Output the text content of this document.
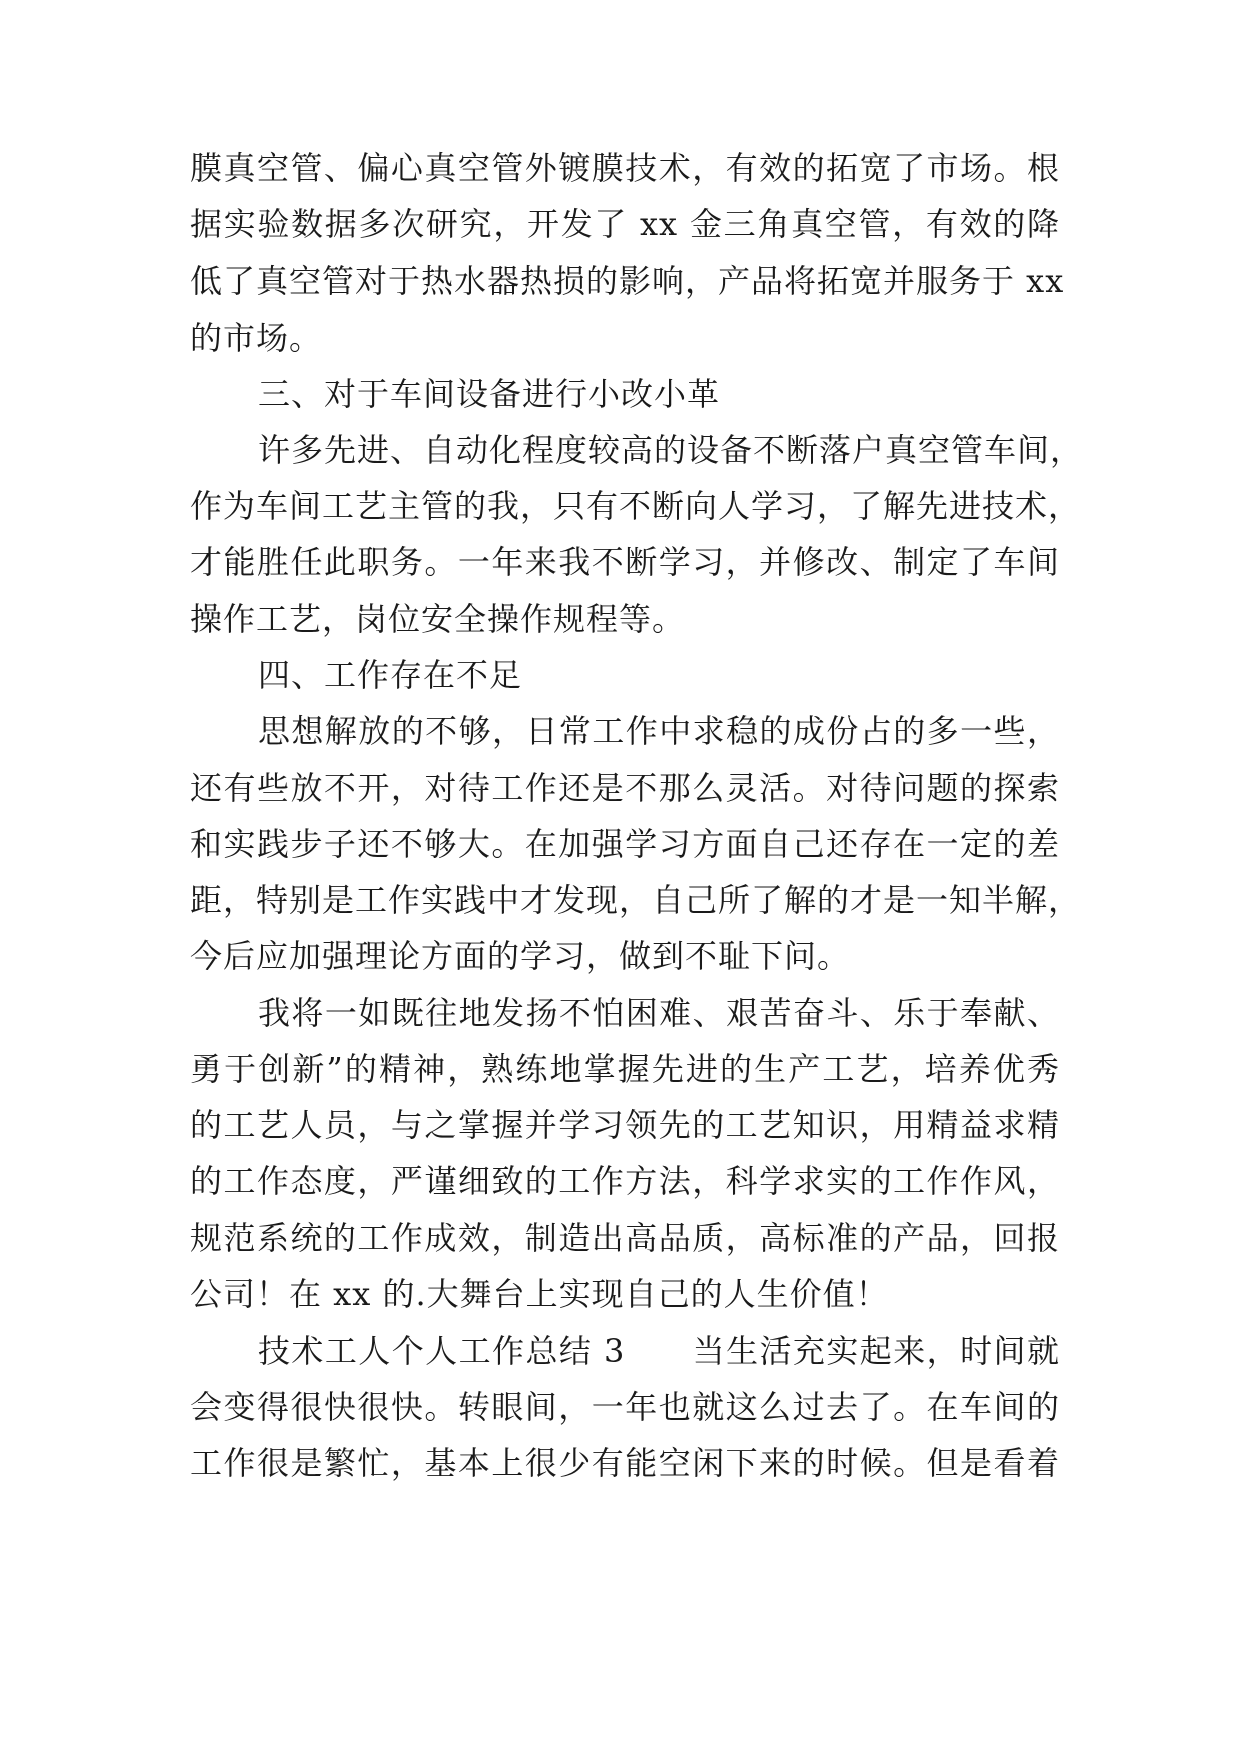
膜真空管、偏心真空管外镀膜技术，有效的拓宽了市场。根
据实验数据多次研究，开发了 xx 金三角真空管，有效的降
低了真空管对于热水器热损的影响，产品将拓宽并服务于 xx
的市场。
三、对于车间设备进行小改小革
许多先进、自动化程度较高的设备不断落户真空管车间，
作为车间工艺主管的我，只有不断向人学习，了解先进技术，
才能胜任此职务。一年来我不断学习，并修改、制定了车间
操作工艺，岗位安全操作规程等。
四、工作存在不足
思想解放的不够，日常工作中求稳的成份占的多一些，
还有些放不开，对待工作还是不那么灵活。对待问题的探索
和实践步子还不够大。在加强学习方面自己还存在一定的差
距，特别是工作实践中才发现，自己所了解的才是一知半解，
今后应加强理论方面的学习，做到不耻下问。
我将一如既往地发扬不怕困难、艰苦奋斗、乐于奉献、
勇于创新”的精神，熟练地掌握先进的生产工艺，培养优秀
的工艺人员，与之掌握并学习领先的工艺知识，用精益求精
的工作态度，严谨细致的工作方法，科学求实的工作作风，
规范系统的工作成效，制造出高品质，高标准的产品，回报
公司！在 xx 的.大舞台上实现自己的人生价值！
技术工人个人工作总结 3　　当生活充实起来，时间就
会变得很快很快。转眼间，一年也就这么过去了。在车间的
工作很是繁忙，基本上很少有能空闲下来的时候。但是看着
